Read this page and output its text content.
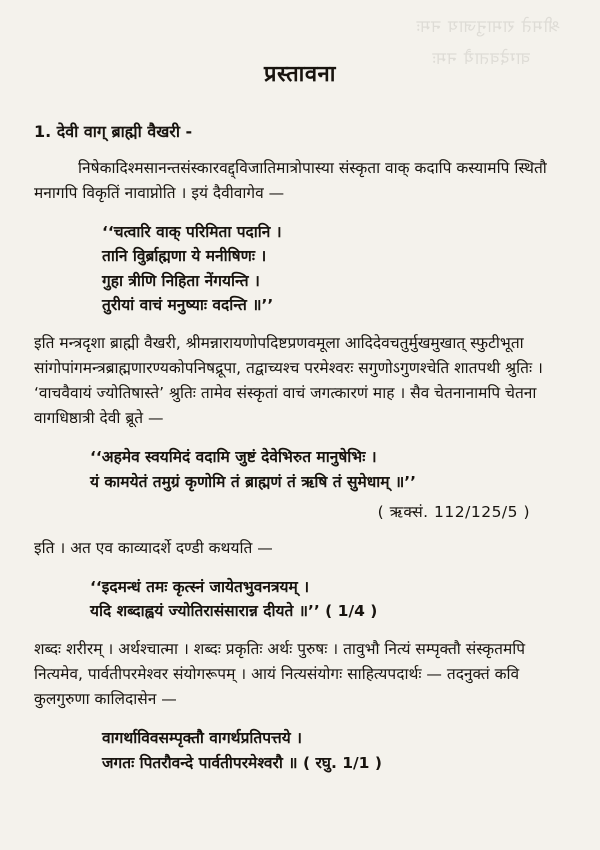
श्रीमते रामानुजाय नमः
वाग्देवतायै नमः
प्रस्तावना
1. देवी वाग् ब्राह्मी वैखरी -

निषेकादिश्मसानन्तसंस्कारवद्द्विजातिमात्रोपास्या संस्कृता वाक् कदापि कस्यामपि स्थितौ मनागपि विकृतिं नावाप्नोति । इयं दैवीवागेव —

‘‘चत्वारि वाक् परिमिता पदानि ।
तानि विुर्ब्राह्मणा ये मनीषिणः ।
गुहा त्रीणि निहिता नेंगयन्ति ।
तुरीयां वाचं मनुष्याः वदन्ति ॥’’

इति मन्त्रदृशा ब्राह्मी वैखरी, श्रीमन्नारायणोपदिष्टप्रणवमूला आदिदेवचतुर्मुखमुखात् स्फुटीभूता सांगोपांगमन्त्रब्राह्मणारण्यकोपनिषद्रूपा, तद्वाच्यश्च परमेश्वरः सगुणोऽगुणश्चेति शातपथी श्रुतिः । ‘वाचवैवायं ज्योतिषास्ते’ श्रुतिः तामेव संस्कृतां वाचं जगत्कारणं माह । सैव चेतनानामपि चेतना वागधिष्ठात्री देवी ब्रूते —

‘‘अहमेव स्वयमिदं वदामि जुष्टं देवेभिरुत मानुषेभिः ।
यं कामयेतं तमुग्रं कृणोमि तं ब्राह्मणं तं ऋषि तं सुमेधाम् ॥’’
( ऋक्सं. 112/125/5 )

इति । अत एव काव्यादर्शे दण्डी कथयति —

‘‘इदमन्धं तमः कृत्स्नं जायेतभुवनत्रयम् ।
यदि शब्दाह्वयं ज्योतिरासंसारान्न दीयते ॥’’ ( 1/4 )

शब्दः शरीरम् । अर्थश्चात्मा । शब्दः प्रकृतिः अर्थः पुरुषः । तावुभौ नित्यं सम्पृक्तौ संस्कृतमपि नित्यमेव, पार्वतीपरमेश्वर संयोगरूपम् । आयं नित्यसंयोगः साहित्यपदार्थः — तदनुक्तं कवि कुलगुरुणा कालिदासेन —

वागर्थाविवसम्पृक्तौ वागर्थप्रतिपत्तये ।
जगतः पितरौवन्दे पार्वतीपरमेश्वरौ ॥ ( रघु. 1/1 )
